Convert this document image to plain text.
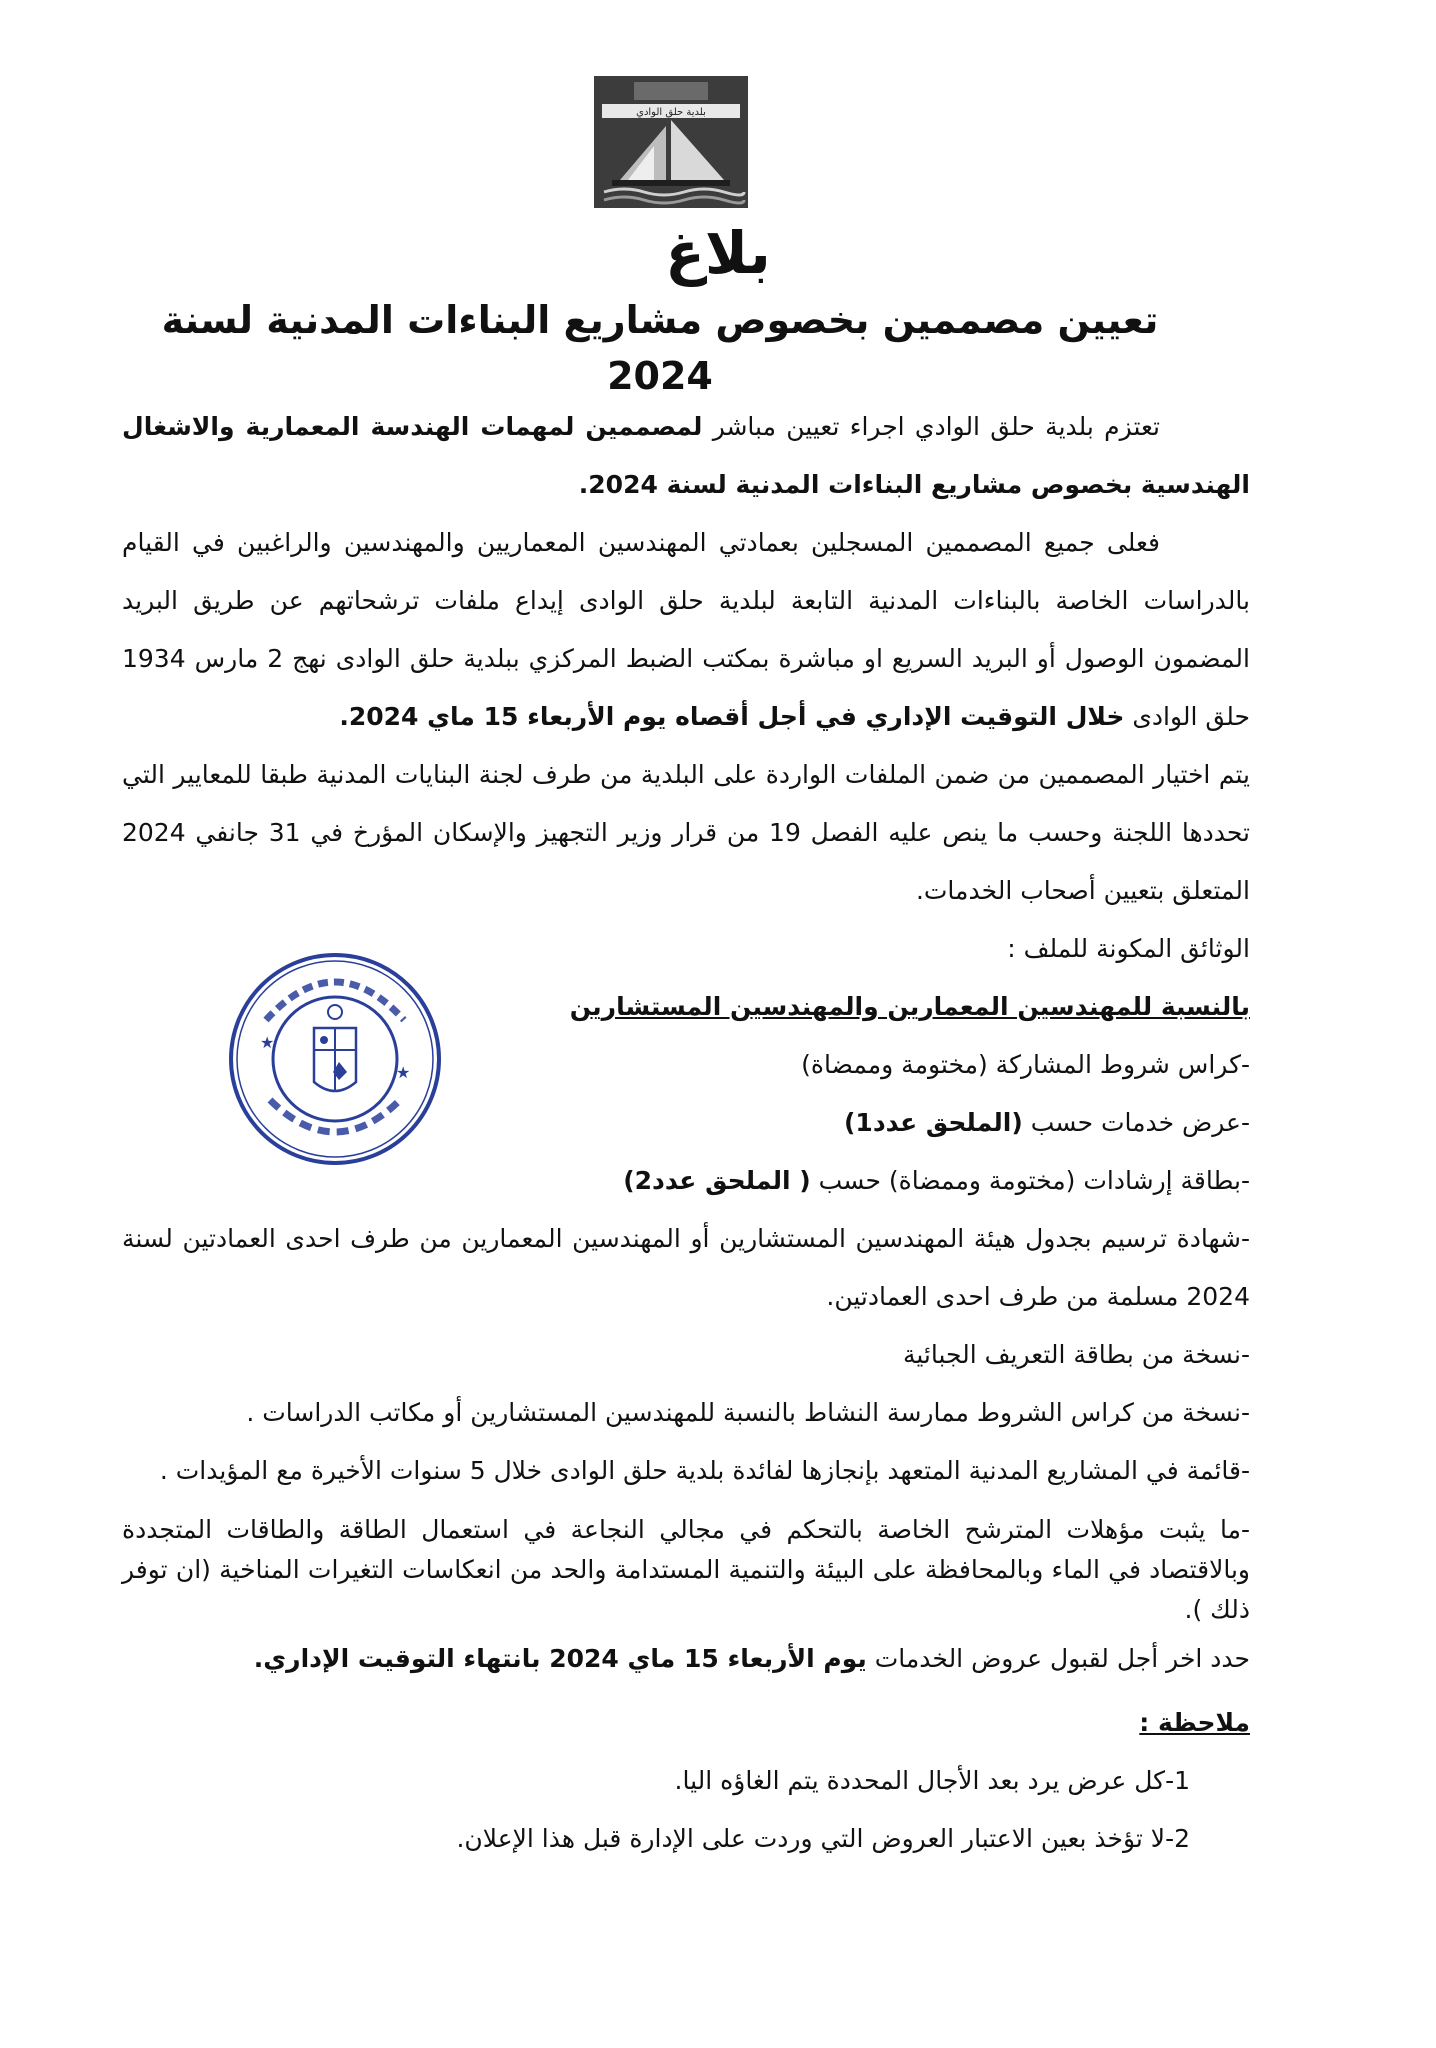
بلدية حلق الوادي
بلاغ
تعيين مصممين بخصوص مشاريع البناءات المدنية لسنة 2024

تعتزم بلدية حلق الوادي اجراء تعيين مباشر لمصممين لمهمات الهندسة المعمارية والاشغال الهندسية بخصوص مشاريع البناءات المدنية لسنة 2024.

فعلى جميع المصممين المسجلين بعمادتي المهندسين المعماريين والمهندسين والراغبين في القيام بالدراسات الخاصة بالبناءات المدنية التابعة لبلدية حلق الوادى إيداع ملفات ترشحاتهم عن طريق البريد المضمون الوصول أو البريد السريع او مباشرة بمكتب الضبط المركزي ببلدية حلق الوادى نهج 2 مارس 1934 حلق الوادى خلال التوقيت الإداري في أجل أقصاه يوم الأربعاء 15 ماي 2024.

يتم اختيار المصممين من ضمن الملفات الواردة على البلدية من طرف لجنة البنايات المدنية طبقا للمعايير التي تحددها اللجنة وحسب ما ينص عليه الفصل 19 من قرار وزير التجهيز والإسكان المؤرخ في 31 جانفي 2024 المتعلق بتعيين أصحاب الخدمات.

الوثائق المكونة للملف :

بالنسبة للمهندسين المعمارين والمهندسين المستشارين

-كراس شروط المشاركة (مختومة وممضاة)

-عرض خدمات حسب (الملحق عدد1)

-بطاقة إرشادات (مختومة وممضاة) حسب ( الملحق عدد2)

-شهادة ترسيم بجدول هيئة المهندسين المستشارين أو المهندسين المعمارين من طرف احدى العمادتين لسنة 2024 مسلمة من طرف احدى العمادتين.

-نسخة من بطاقة التعريف الجبائية

-نسخة من كراس الشروط ممارسة النشاط بالنسبة للمهندسين المستشارين أو مكاتب الدراسات .

-قائمة في المشاريع المدنية المتعهد بإنجازها لفائدة بلدية حلق الوادى خلال 5 سنوات الأخيرة مع المؤيدات .

-ما يثبت مؤهلات المترشح الخاصة بالتحكم في مجالي النجاعة في استعمال الطاقة والطاقات المتجددة وبالاقتصاد في الماء وبالمحافظة على البيئة والتنمية المستدامة والحد من انعكاسات التغيرات المناخية (ان توفر ذلك ).

حدد اخر أجل لقبول عروض الخدمات يوم الأربعاء 15 ماي 2024 بانتهاء التوقيت الإداري.

ملاحظة :

1-كل عرض يرد بعد الأجال المحددة يتم الغاؤه اليا.

2-لا تؤخذ بعين الاعتبار العروض التي وردت على الإدارة قبل هذا الإعلان.

★
★
